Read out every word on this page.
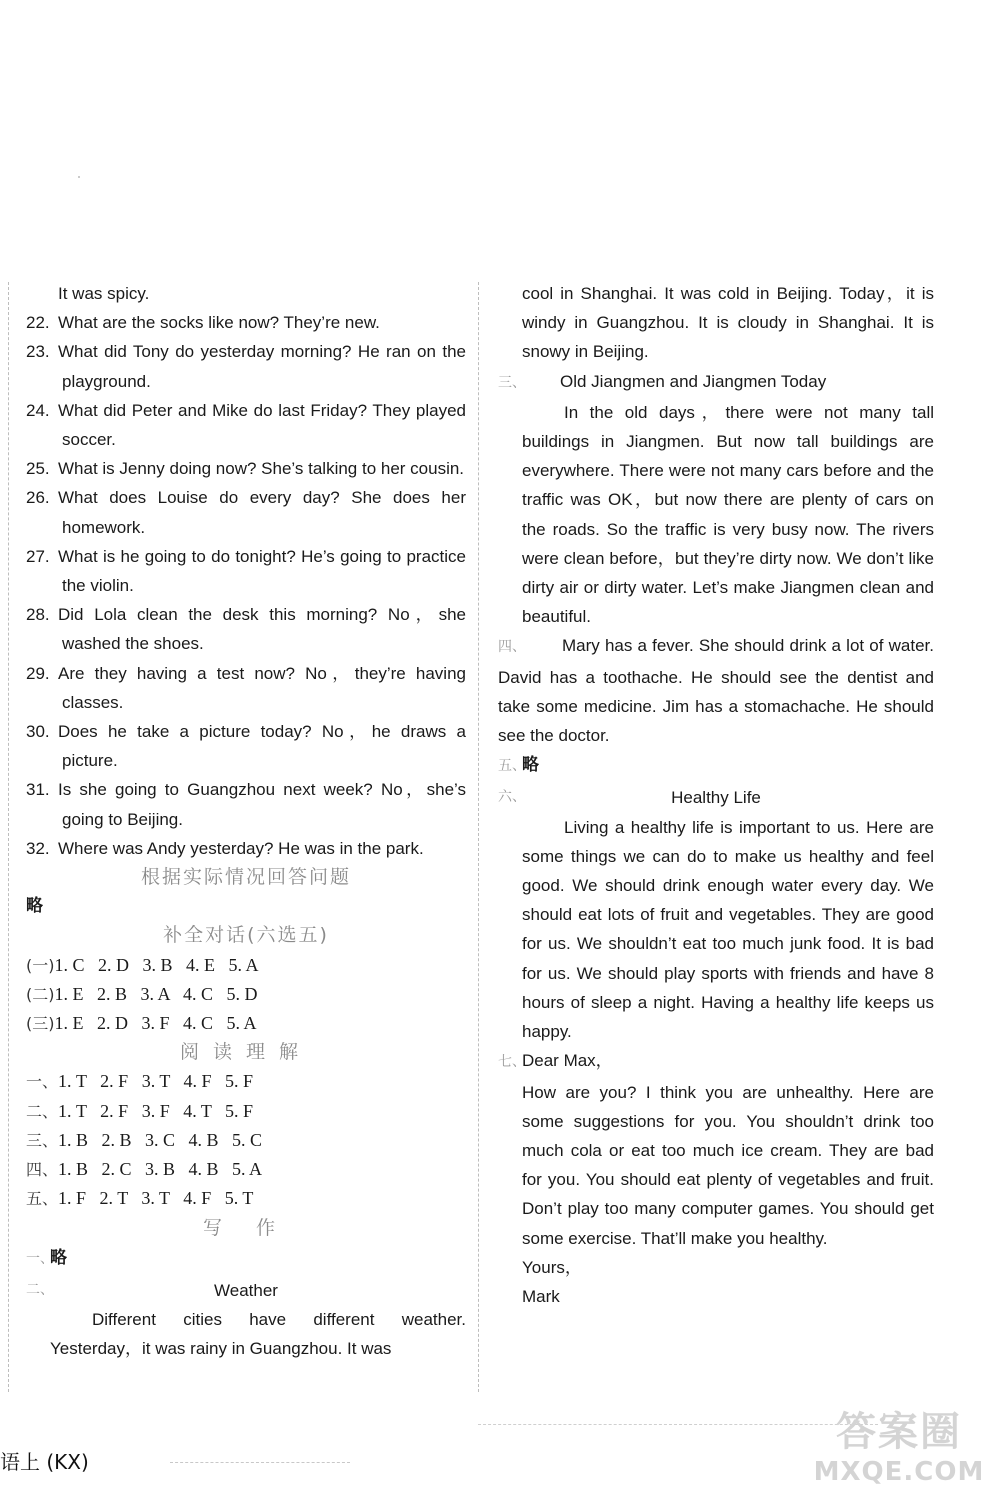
It was spicy.

22. What are the socks like now? They’re new.

23. What did Tony do yesterday morning? He ran on the playground.

24. What did Peter and Mike do last Friday? They played soccer.

25. What is Jenny doing now? She’s talking to her cousin.

26. What does Louise do every day? She does her homework.

27. What is he going to do tonight? He’s going to practice the violin.

28. Did Lola clean the desk this morning? No，she washed the shoes.

29. Are they having a test now? No，they’re having classes.

30. Does he take a picture today? No，he draws a picture.

31. Is she going to Guangzhou next week? No，she’s going to Beijing.

32. Where was Andy yesterday? He was in the park.

根据实际情况回答问题

略

补全对话(六选五)

(一)1. C   2. D   3. B   4. E   5. A

(二)1. E   2. B   3. A   4. C   5. D

(三)1. E   2. D   3. F   4. C   5. A

阅读理解

一、1. T   2. F   3. T   4. F   5. F

二、1. T   2. F   3. F   4. T   5. F

三、1. B   2. B   3. C   4. B   5. C

四、1. B   2. C   3. B   4. B   5. A

五、1. F   2. T   3. T   4. F   5. T

写 作

一、略

二、	Weather

Different cities have different weather. Yesterday，it was rainy in Guangzhou. It was

cool in Shanghai. It was cold in Beijing. Today，it is windy in Guangzhou. It is cloudy in Shanghai. It is snowy in Beijing.

三、 Old Jiangmen and Jiangmen Today

In the old days，there were not many tall buildings in Jiangmen. But now tall buildings are everywhere. There were not many cars before and the traffic was OK，but now there are plenty of cars on the roads. So the traffic is very busy now. The rivers were clean before，but they’re dirty now. We don’t like dirty air or dirty water. Let’s make Jiangmen clean and beautiful.

四、 Mary has a fever. She should drink a lot of water. David has a toothache. He should see the dentist and take some medicine. Jim has a stomachache. He should see the doctor.

五、略

六、	Healthy Life

Living a healthy life is important to us. Here are some things we can do to make us healthy and feel good. We should drink enough water every day. We should eat lots of fruit and vegetables. They are good for us. We shouldn’t eat too much junk food. It is bad for us. We should play sports with friends and have 8 hours of sleep a night. Having a healthy life keeps us happy.

七、Dear Max，

How are you? I think you are unhealthy. Here are some suggestions for you. You shouldn’t drink too much cola or eat too much ice cream. They are bad for you. You should eat plenty of vegetables and fruit. Don’t play too many computer games. You should get some exercise. That’ll make you healthy.

Yours，

Mark

语上 (KX)
答案圈
MXQE.COM
